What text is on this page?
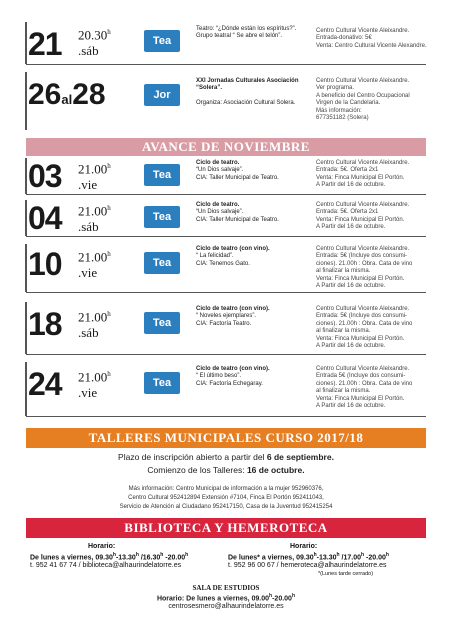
21 20.30$^h$
.sáb
Tea
Teatro: “¿Dónde están los espíritus?”.
Grupo teatral “ Se abre el telón”.
Centro Cultural Vicente Aleixandre.
Entrada-donativo: 5€
Venta: Centro Cultural Vicente Alexandre.
26al28	Jor
XXI Jornadas Culturales Asociación “Solera”.

Organiza: Asociación Cultural Solera.
Centro Cultural Vicente Aleixandre.
Ver programa.
A beneficio del Centro Ocupacional Virgen de la Candelaria.
Más información:
677351182 (Solera)
AVANCE DE NOVIEMBRE
03 21.00$^h$
.vie
Tea
Ciclo de teatro.
“Un Dios salvaje”.
CIA: Taller Municipal de Teatro.
Centro Cultural Vicente Aleixandre.
Entrada: 5€. Oferta 2x1
Venta: Finca Municipal El Portón.
A Partir del 16 de octubre.
04 21.00$^h$
.sáb
Tea
Ciclo de teatro.
“Un Dios salvaje”.
CIA: Taller Municipal de Teatro.
Centro Cultural Vicente Aleixandre.
Entrada: 5€. Oferta 2x1
Venta: Finca Municipal El Portón.
A Partir del 16 de octubre.
10 21.00$^h$
.vie
Tea
Ciclo de teatro (con vino).
“ La felicidad”.
CIA: Tenemos Gato.
Centro Cultural Vicente Aleixandre.
Entrada: 5€ (Incluye dos consumi-
ciones). 21.00h : Obra. Cata de vino
al finalizar la misma.
Venta: Finca Municipal El Portón.
A Partir del 16 de octubre.
18 21.00$^h$
.sáb
Tea
Ciclo de teatro (con vino).
“ Noveles ejemplares”.
CIA: Factoría Teatro.
Centro Cultural Vicente Aleixandre.
Entrada: 5€ (Incluye dos consumi-
ciones). 21.00h : Obra. Cata de vino
al finalizar la misma.
Venta: Finca Municipal El Portón.
A Partir del 16 de octubre.
24 21.00$^h$
.vie
Tea
Ciclo de teatro (con vino).
“ El último beso”.
CIA: Factoría Echegaray.
Centro Cultural Vicente Aleixandre.
Entrada 5€ (Incluye dos consumi-
ciones). 21.00h : Obra. Cata de vino
al finalizar la misma.
Venta: Finca Municipal El Portón.
A Partir del 16 de octubre.
TALLERES MUNICIPALES CURSO 2017/18
Plazo de inscripción abierto a partir del 6 de septiembre.
Comienzo de los Talleres: 16 de octubre.
Más información: Centro Municipal de información a la mujer 952960376,
Centro Cultural 952412894 Extensión #7104, Finca El Portón 952411043,
Servicio de Atención al Ciudadano 952417150, Casa de la Juventud 952415254
BIBLIOTECA Y HEMEROTECA
Horario:
De lunes a viernes, 09.30$^h$-13.30$^h$ /16.30$^h$ -20.00$^h$
t. 952 41 67 74 / biblioteca@alhaurindelatorre.es
Horario:
De lunes* a viernes, 09.30$^h$-13.30$^h$ /17.00$^h$ -20.00$^h$
t. 952 96 00 67 / hemeroteca@alhaurindelatorre.es
*(Lunes tarde cerrado)
SALA DE ESTUDIOS
Horario: De lunes a viernes, 09.00$^h$-20.00$^h$
centrosesmero@alhaurindelatorre.es
